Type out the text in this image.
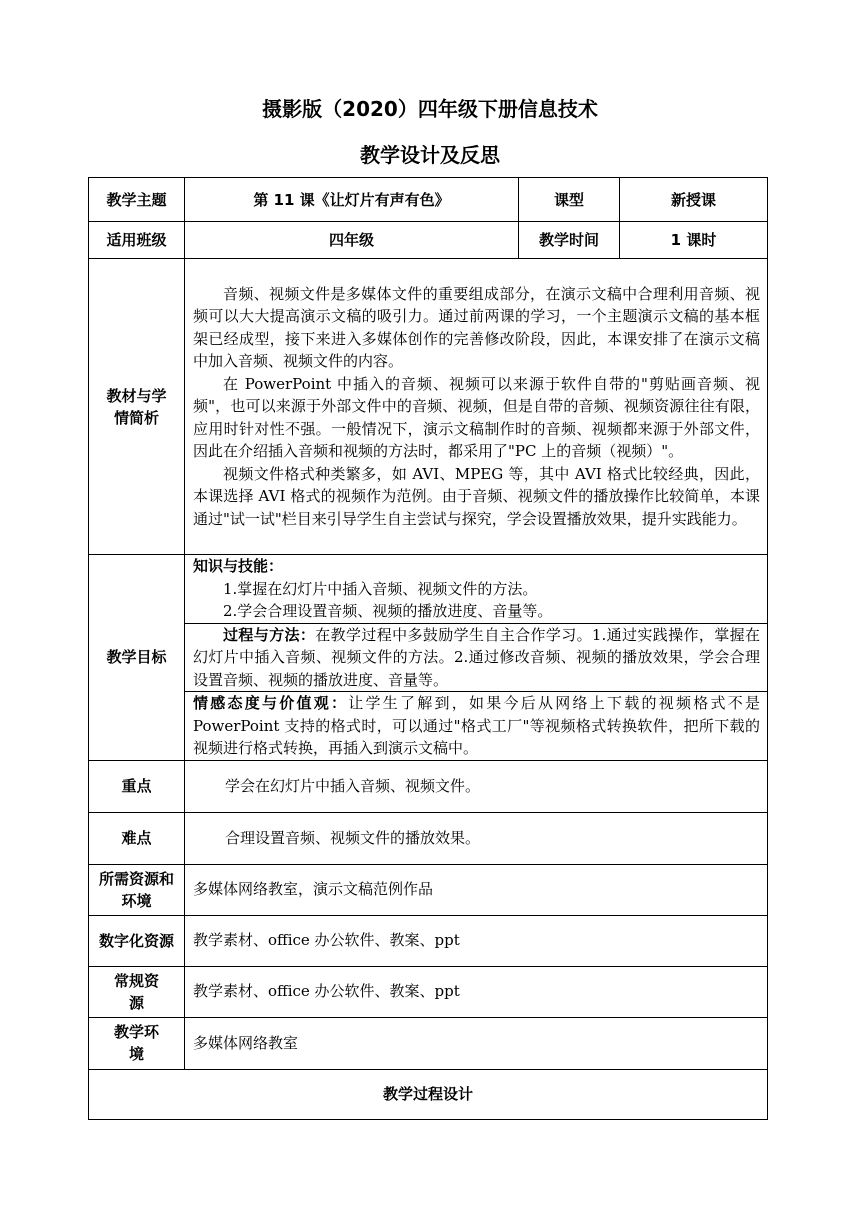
摄影版（2020）四年级下册信息技术
教学设计及反思
教学主题	第 11 课《让灯片有声有色》	课型	新授课
适用班级	四年级	教学时间	1 课时

教材与学情简析	音频、视频文件是多媒体文件的重要组成部分，在演示文稿中合理利用音频、视频可以大大提高演示文稿的吸引力。通过前两课的学习，一个主题演示文稿的基本框架已经成型，接下来进入多媒体创作的完善修改阶段，因此，本课安排了在演示文稿中加入音频、视频文件的内容。

在 PowerPoint 中插入的音频、视频可以来源于软件自带的"剪贴画音频、视频"，也可以来源于外部文件中的音频、视频，但是自带的音频、视频资源往往有限，应用时针对性不强。一般情况下，演示文稿制作时的音频、视频都来源于外部文件，因此在介绍插入音频和视频的方法时，都采用了"PC 上的音频（视频）"。

视频文件格式种类繁多，如 AVI、MPEG 等，其中 AVI 格式比较经典，因此，本课选择 AVI 格式的视频作为范例。由于音频、视频文件的播放操作比较简单，本课通过"试一试"栏目来引导学生自主尝试与探究，学会设置播放效果，提升实践能力。		

教学目标	知识与技能：

1.掌握在幻灯片中插入音频、视频文件的方法。

2.学会合理设置音频、视频的播放进度、音量等。		

	过程与方法：在教学过程中多鼓励学生自主合作学习。1.通过实践操作，掌握在幻灯片中插入音频、视频文件的方法。2.通过修改音频、视频的播放效果，学会合理设置音频、视频的播放进度、音量等。		

	情感态度与价值观：让学生了解到，如果今后从网络上下载的视频格式不是 PowerPoint 支持的格式时，可以通过"格式工厂"等视频格式转换软件，把所下载的视频进行格式转换，再插入到演示文稿中。		

重点	学会在幻灯片中插入音频、视频文件。		
难点	合理设置音频、视频文件的播放效果。		

所需资源和环境	多媒体网络教室，演示文稿范例作品		

数字化资源	教学素材、office 办公软件、教案、ppt		

常规资源	教学素材、office 办公软件、教案、ppt		

教学环境	多媒体网络教室		
教学过程设计			
